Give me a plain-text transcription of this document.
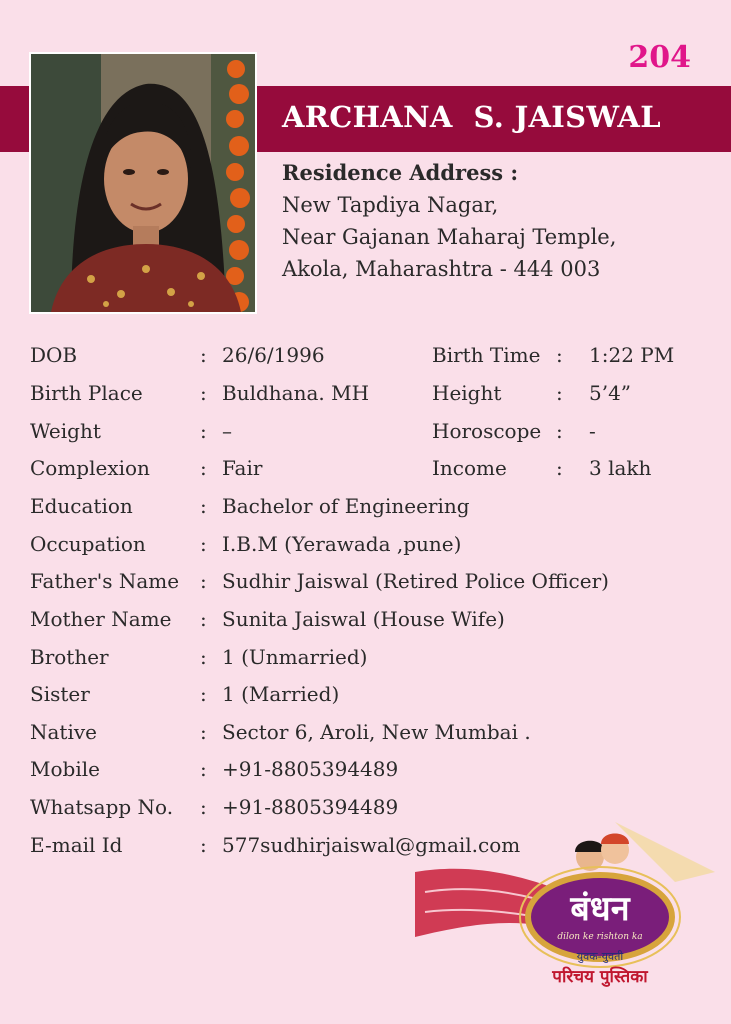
204
ARCHANA  S. JAISWAL
Residence Address :
New Tapdiya Nagar,
Near Gajanan Maharaj Temple,
Akola, Maharashtra - 444 003
DOB	: 26/6/1996	Birth Time : 1:22 PM
Birth Place	: Buldhana. MH	Height	: 5’4”
Weight	: –	Horoscope : -
Complexion	: Fair	Income : 3 lakh
Education	: Bachelor of Engineering
Occupation	: I.B.M (Yerawada ,pune)
Father's Name : Sudhir Jaiswal (Retired Police Officer)
Mother Name : Sunita Jaiswal (House Wife)
Brother	: 1 (Unmarried)
Sister	: 1 (Married)
Native	: Sector 6, Aroli, New Mumbai .
Mobile	: +91-8805394489
Whatsapp No. : +91-8805394489
E-mail Id	: 577sudhirjaiswal@gmail.com
बंधन
dilon ke rishton ka
युवक-युवती
परिचय पुस्तिका
